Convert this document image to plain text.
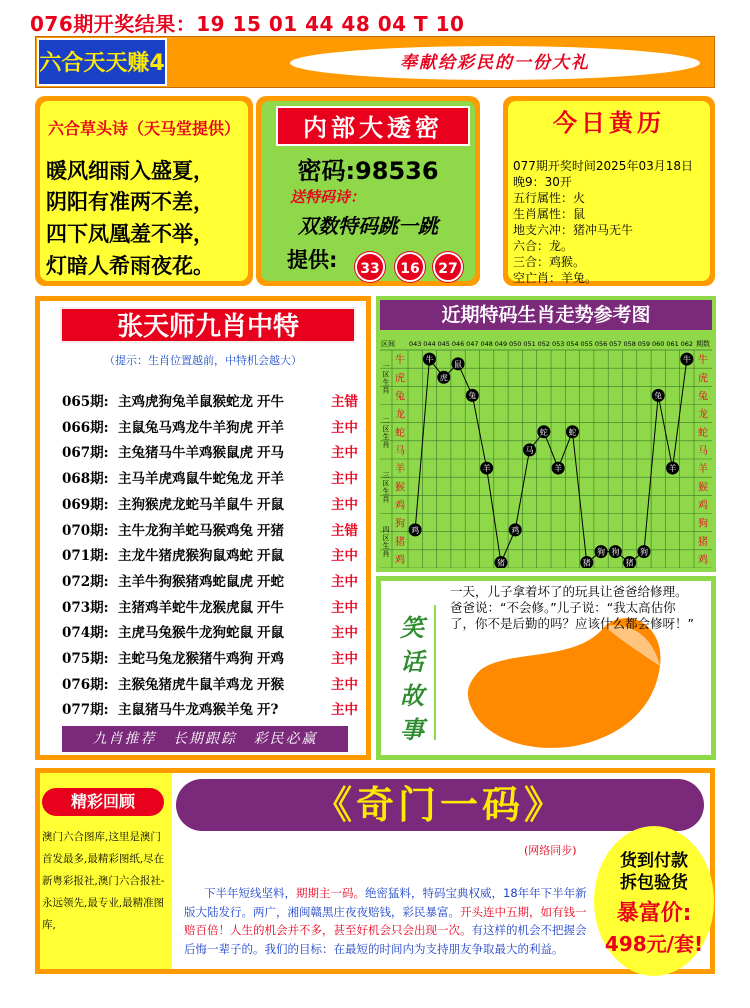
076期开奖结果：19 15 01 44 48 04 T 10
六合天天赚4	奉献给彩民的一份大礼
六合草头诗（天马堂提供）
暖风细雨入盛夏，
阴阳有准两不差，
四下凤凰羞不举，
灯暗人希雨夜花。
内部大透密
密码:98536
送特码诗：
双数特码跳一跳
提供:	33	16	27
今日黄历
077期开奖时间2025年03月18日
晚9：30开
五行属性：火
生肖属性：鼠
地支六冲：猪冲马无牛
六合：龙。
三合：鸡猴。
空亡肖：羊兔。
张天师九肖中特
（提示：生肖位置越前，中特机会越大）
065期: 主鸡虎狗兔羊鼠猴蛇龙 开牛	主错
066期: 主鼠兔马鸡龙牛羊狗虎 开羊	主中
067期: 主兔猪马牛羊鸡猴鼠虎 开马	主中
068期: 主马羊虎鸡鼠牛蛇兔龙 开羊	主中
069期: 主狗猴虎龙蛇马羊鼠牛 开鼠	主中
070期: 主牛龙狗羊蛇马猴鸡兔 开猪	主错
071期: 主龙牛猪虎猴狗鼠鸡蛇 开鼠	主中
072期: 主羊牛狗猴猪鸡蛇鼠虎 开蛇	主中
073期: 主猪鸡羊蛇牛龙猴虎鼠 开牛	主中
074期: 主虎马兔猴牛龙狗蛇鼠 开鼠	主中
075期: 主蛇马兔龙猴猪牛鸡狗 开鸡	主中
076期: 主猴兔猪虎牛鼠羊鸡龙 开猴	主中
077期: 主鼠猪马牛龙鸡猴羊兔 开?	主中
九肖推荐 长期跟踪 彩民必赢
近期特码生肖走势参考图
区间 043 044 045 046 047 048 049 050 051 052 053 054 055 056 057 058 059 060 061 062 期数
一
区
生
肖
二
区
生
肖
三
区
生
肖
四
区
生
肖
牛	牛
虎	虎
兔	兔
龙	龙
蛇	蛇
马	马
羊	羊
猴	猴
鸡	鸡
狗	狗
猪	猪
鸡	鸡
鸡
牛
虎
鼠
兔
羊
猪
鸡
马
蛇
羊
蛇
猪
狗 狗
猪
狗
兔
羊
牛
笑
话
故
事
一天，儿子拿着坏了的玩具让爸爸给修理。 爸爸说：“不会修。”儿子说：“我太高估你了，你不是后勤的吗？应该什么都会修呀！”
精彩回顾
澳门六合图库,这里是澳门首发最多,最精彩图纸,尽在新粤彩报社,澳门六合报社-永远领先,最专业,最精准图库,
《奇门一码》
(网络同步)
下半年短线坚料，期期主一码。绝密猛料，特码宝典权威，18年年下半年新版大陆发行。两广，湘闽赣黑庄夜夜赔钱，彩民暴富。开头连中五期，如有钱一赔百倍！人生的机会并不多，甚至好机会只会出现一次。有这样的机会不把握会后悔一辈子的。我们的目标：在最短的时间内为支持朋友争取最大的利益。
货到付款
拆包验货
暴富价:
498元/套!
